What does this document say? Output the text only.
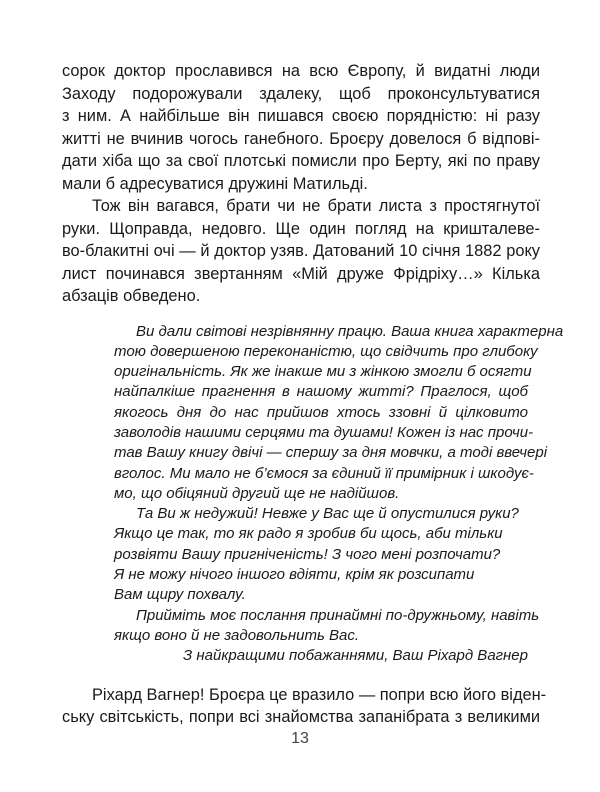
сорок доктор прославився на всю Європу, й видатні люди
Заходу подорожували здалеку, щоб проконсультуватися
з ним. А найбільше він пишався своєю порядністю: ні разу
житті не вчинив чогось ганебного. Броєру довелося б відпові-
дати хіба що за свої плотські помисли про Берту, які по праву
мали б адресуватися дружині Матильді.

Тож він вагався, брати чи не брати листа з простягнутої
руки. Щоправда, недовго. Ще один погляд на кришталеве-
во-блакитні очі — й доктор узяв. Датований 10 січня 1882 року
лист починався звертанням «Мій друже Фрідріху…» Кілька
абзаців обведено.

Ви дали світові незрівнянну працю. Ваша книга характерна
тою довершеною переконаністю, що свідчить про глибоку
оригінальність. Як же інакше ми з жінкою змогли б осягти
найпалкіше прагнення в нашому житті? Праглося, щоб
якогось дня до нас прийшов хтось ззовні й цілковито
заволодів нашими серцями та душами! Кожен із нас прочи-
тав Вашу книгу двічі — спершу за дня мовчки, а тоді ввечері
вголос. Ми мало не б’ємося за єдиний її примірник і шкодує-
мо, що обіцяний другий ще не надійшов.
Та Ви ж недужий! Невже у Вас ще й опустилися руки?
Якщо це так, то як радо я зробив би щось, аби тільки
розвіяти Вашу пригніченість! З чого мені розпочати?
Я не можу нічого іншого вдіяти, крім як розсипати
Вам щиру похвалу.
Прийміть моє послання принаймні по-дружньому, навіть
якщо воно й не задовольнить Вас.
З найкращими побажаннями, Ваш Ріхард Вагнер

Ріхард Вагнер! Броєра це вразило — попри всю його віден-
ську світськість, попри всі знайомства запанібрата з великими

13
